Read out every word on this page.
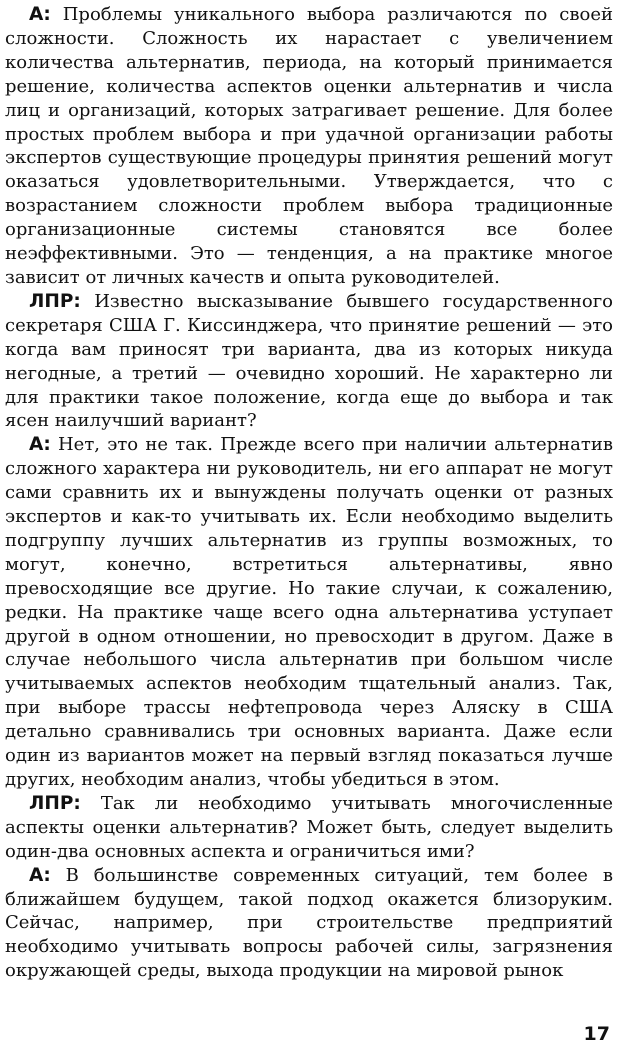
А: Проблемы уникального выбора различаются по своей сложности. Сложность их нарастает с увеличением количества альтернатив, периода, на который принимается решение, количества аспектов оценки альтернатив и числа лиц и организаций, которых затрагивает решение. Для более простых проблем выбора и при удачной организации работы экспертов существующие процедуры принятия решений могут оказаться удовлетворительными. Утверждается, что с возрастанием сложности проблем выбора традиционные организационные системы становятся все более неэффективными. Это — тенденция, а на практике многое зависит от личных качеств и опыта руководителей.

ЛПР: Известно высказывание бывшего государственного секретаря США Г. Киссинджера, что принятие решений — это когда вам приносят три варианта, два из которых никуда негодные, а третий — очевидно хороший. Не характерно ли для практики такое положение, когда еще до выбора и так ясен наилучший вариант?

А: Нет, это не так. Прежде всего при наличии альтернатив сложного характера ни руководитель, ни его аппарат не могут сами сравнить их и вынуждены получать оценки от разных экспертов и как-то учитывать их. Если необходимо выделить подгруппу лучших альтернатив из группы возможных, то могут, конечно, встретиться альтернативы, явно превосходящие все другие. Но такие случаи, к сожалению, редки. На практике чаще всего одна альтернатива уступает другой в одном отношении, но превосходит в другом. Даже в случае небольшого числа альтернатив при большом числе учитываемых аспектов необходим тщательный анализ. Так, при выборе трассы нефтепровода через Аляску в США детально сравнивались три основных варианта. Даже если один из вариантов может на первый взгляд показаться лучше других, необходим анализ, чтобы убедиться в этом.

ЛПР: Так ли необходимо учитывать многочисленные аспекты оценки альтернатив? Может быть, следует выделить один-два основных аспекта и ограничиться ими?

А: В большинстве современных ситуаций, тем более в ближайшем будущем, такой подход окажется близоруким. Сейчас, например, при строительстве предприятий необходимо учитывать вопросы рабочей силы, загрязнения окружающей среды, выхода продукции на мировой рынок

17
